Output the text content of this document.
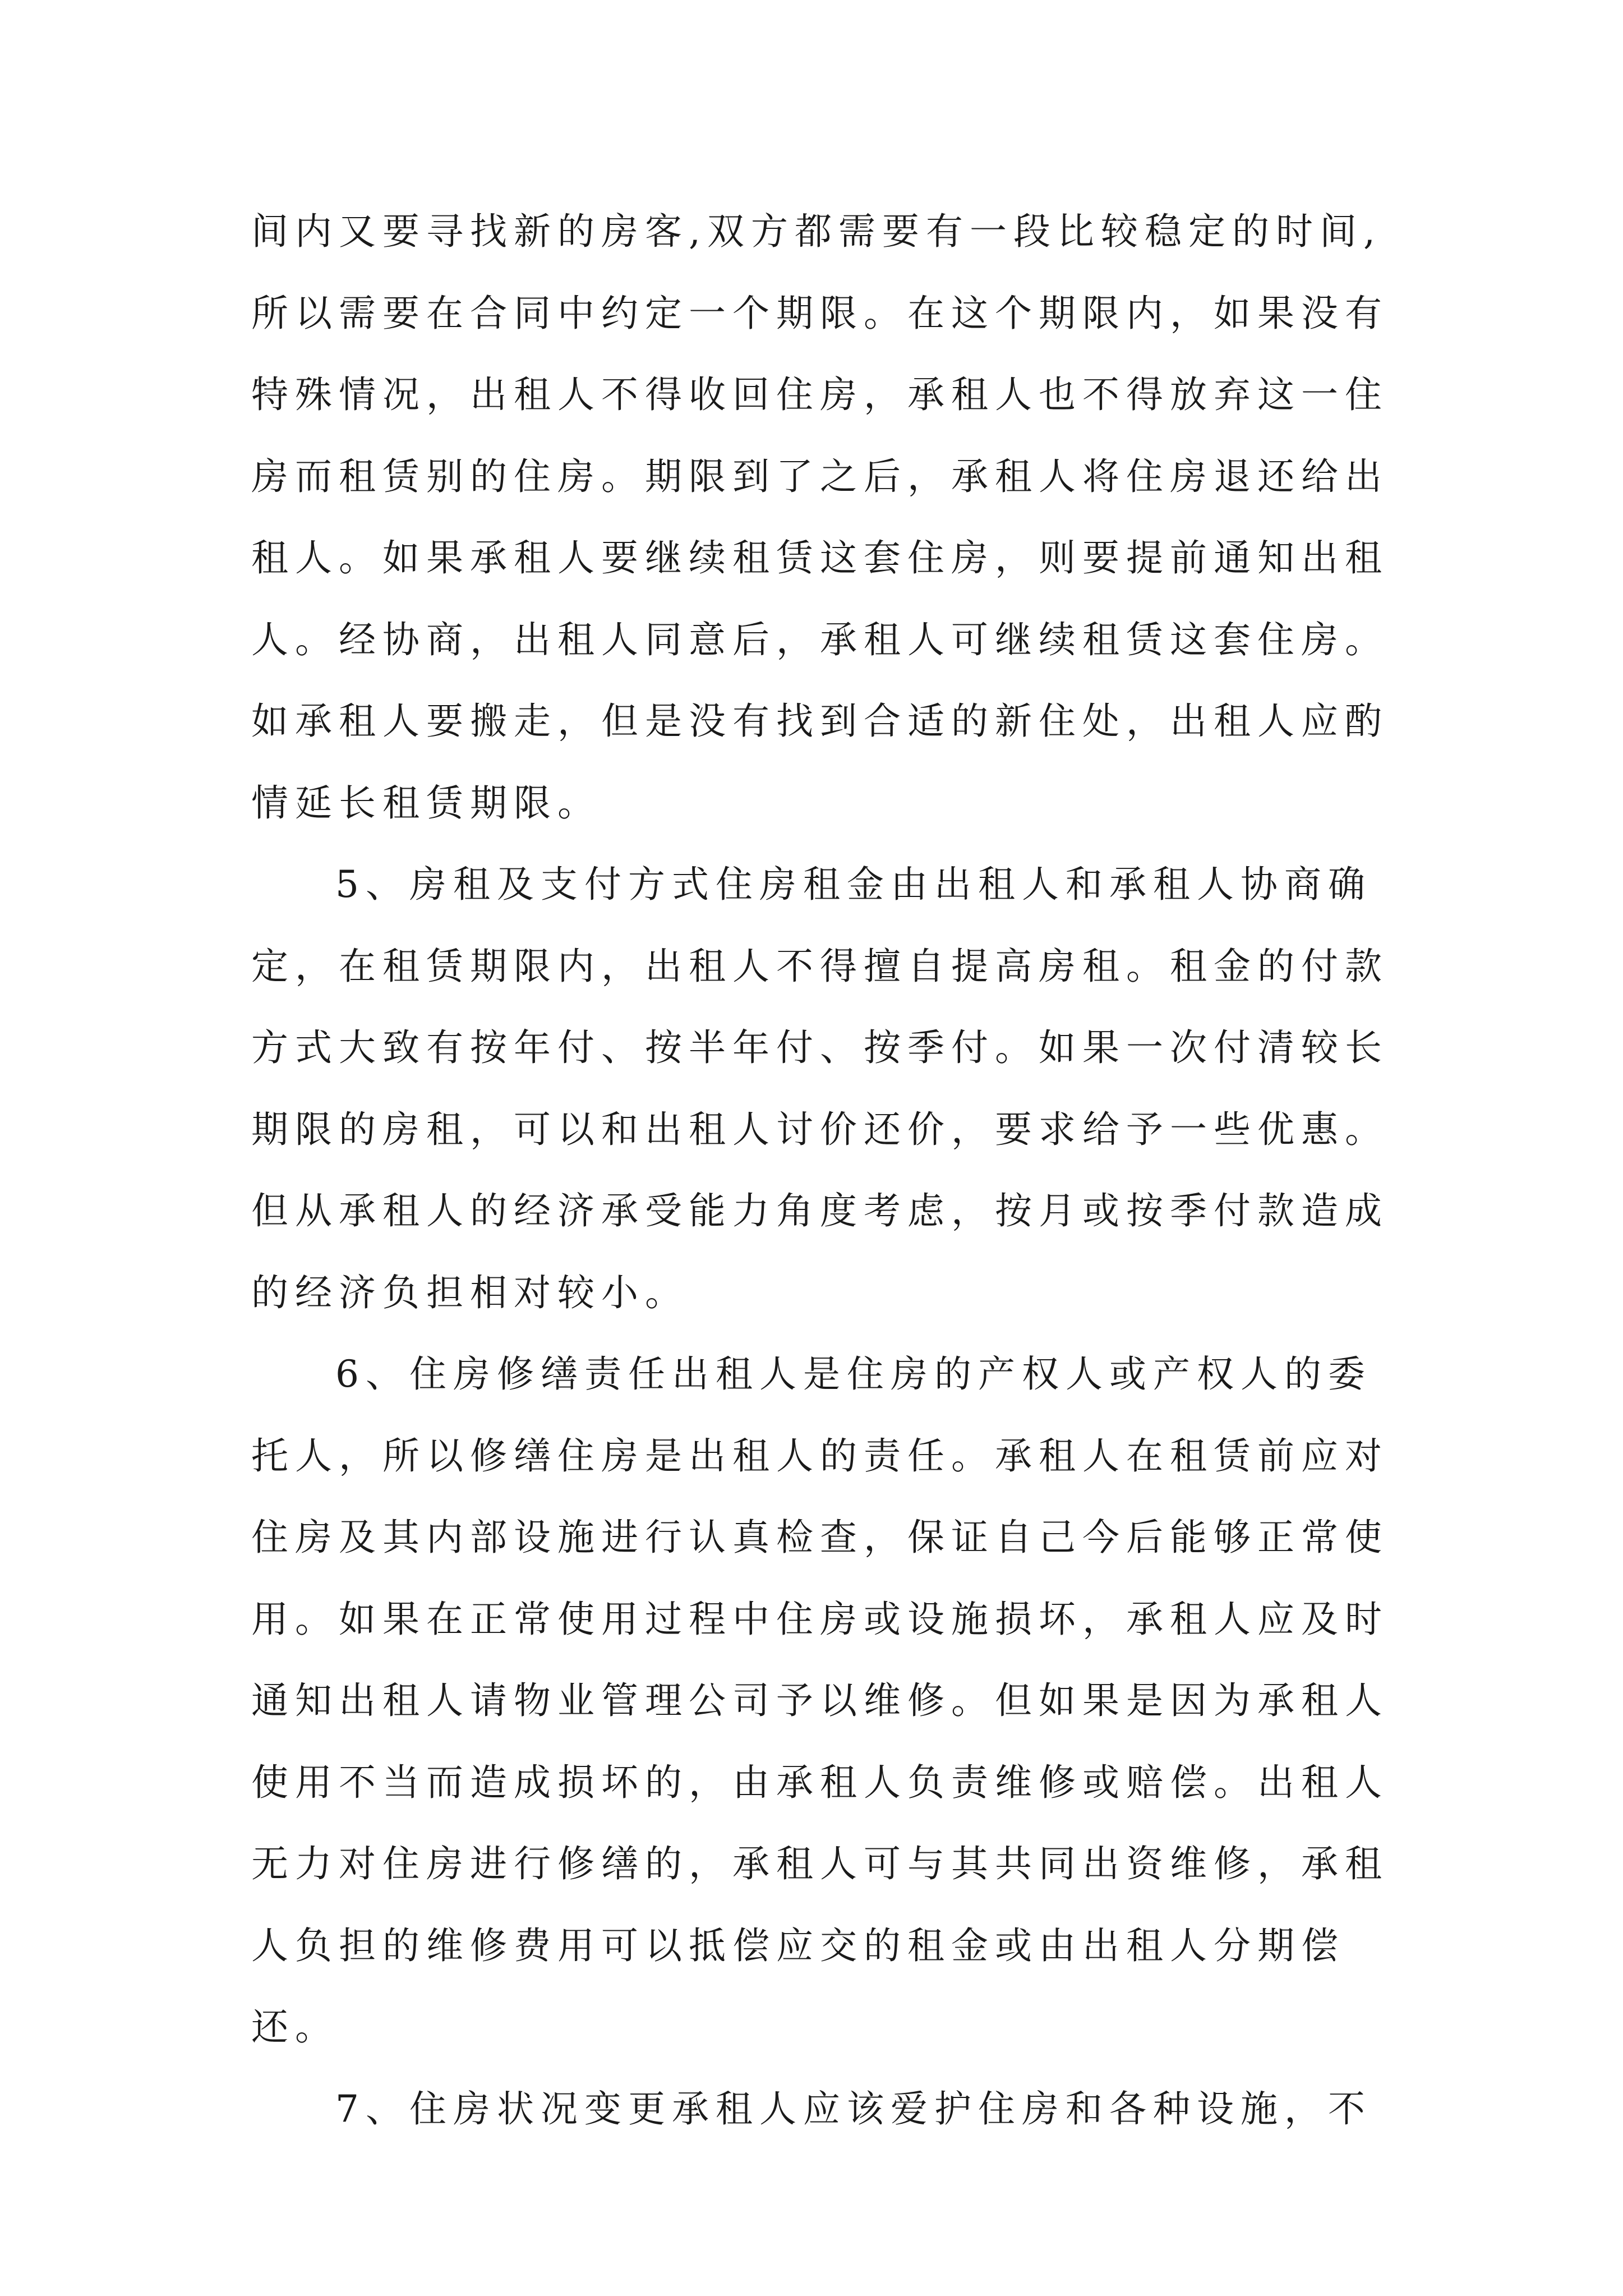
间内又要寻找新的房客,双方都需要有一段比较稳定的时间,
所以需要在合同中约定一个期限。在这个期限内，如果没有
特殊情况，出租人不得收回住房，承租人也不得放弃这一住
房而租赁别的住房。期限到了之后，承租人将住房退还给出
租人。如果承租人要继续租赁这套住房，则要提前通知出租
人。经协商，出租人同意后，承租人可继续租赁这套住房。
如承租人要搬走，但是没有找到合适的新住处，出租人应酌
情延长租赁期限。
5、房租及支付方式住房租金由出租人和承租人协商确
定，在租赁期限内，出租人不得擅自提高房租。租金的付款
方式大致有按年付、按半年付、按季付。如果一次付清较长
期限的房租，可以和出租人讨价还价，要求给予一些优惠。
但从承租人的经济承受能力角度考虑，按月或按季付款造成
的经济负担相对较小。
6、住房修缮责任出租人是住房的产权人或产权人的委
托人，所以修缮住房是出租人的责任。承租人在租赁前应对
住房及其内部设施进行认真检查，保证自己今后能够正常使
用。如果在正常使用过程中住房或设施损坏，承租人应及时
通知出租人请物业管理公司予以维修。但如果是因为承租人
使用不当而造成损坏的，由承租人负责维修或赔偿。出租人
无力对住房进行修缮的，承租人可与其共同出资维修，承租
人负担的维修费用可以抵偿应交的租金或由出租人分期偿
还。
7、住房状况变更承租人应该爱护住房和各种设施，不
